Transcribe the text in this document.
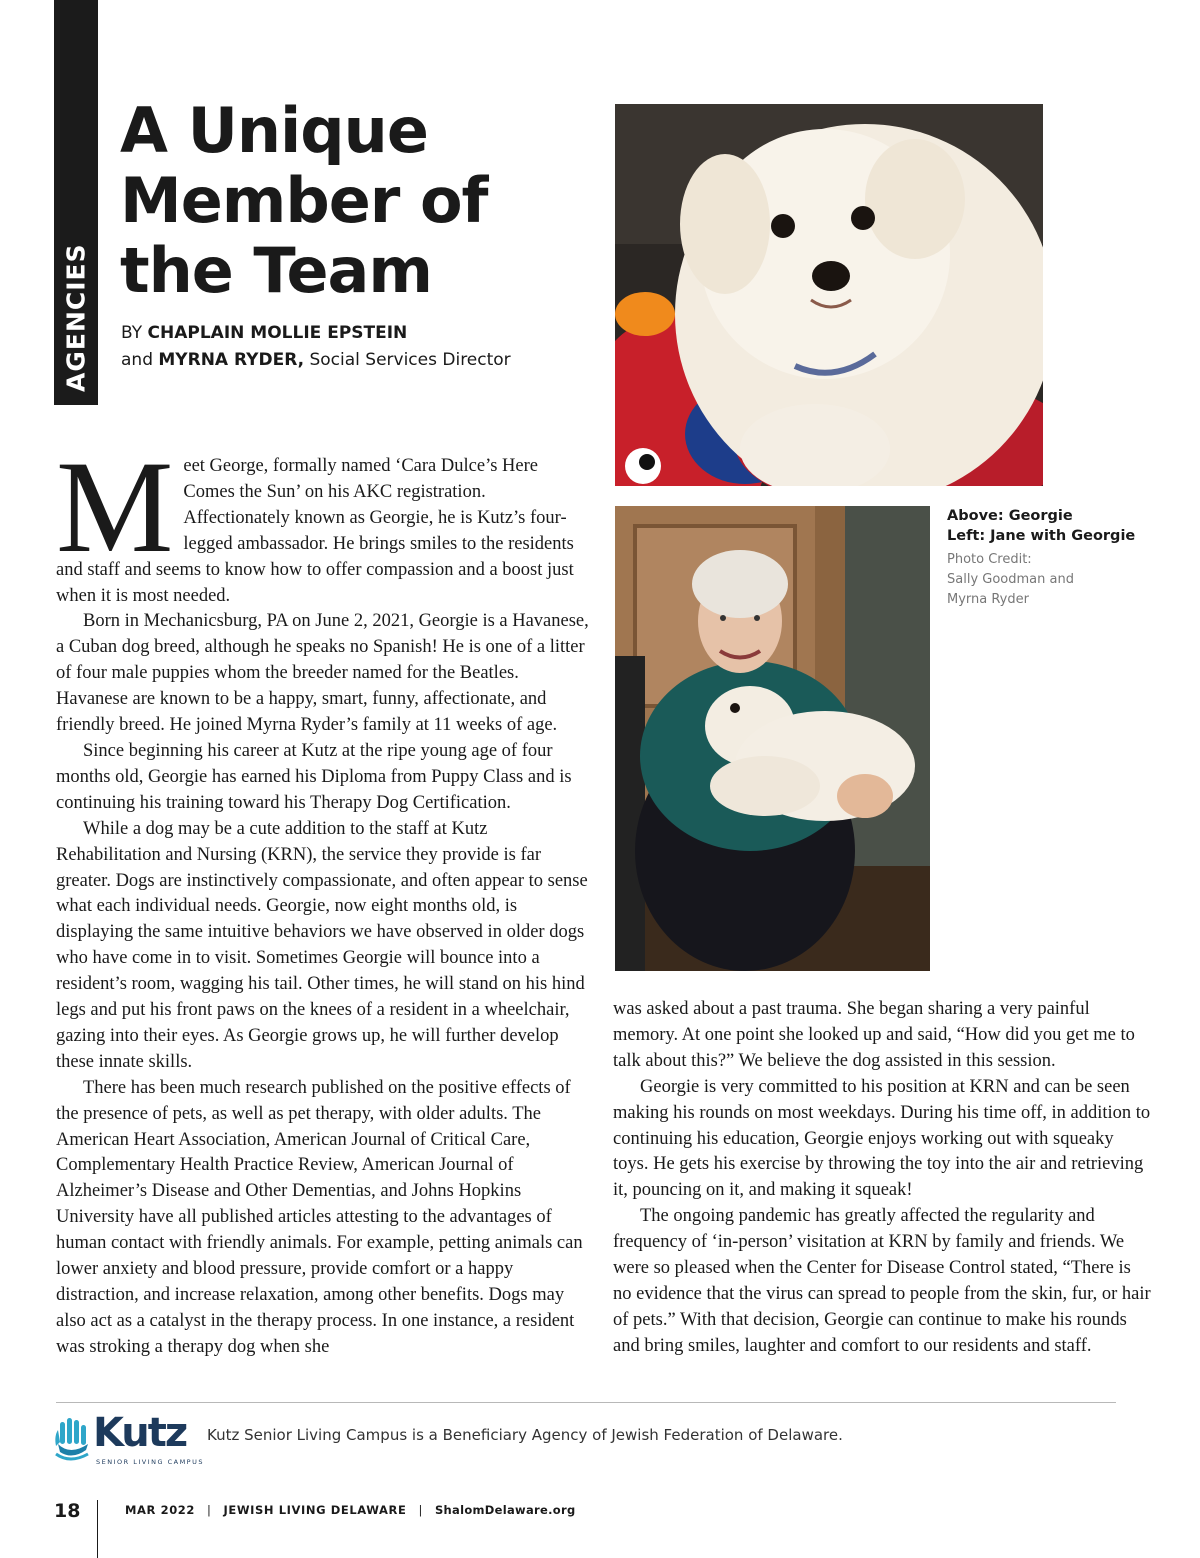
AGENCIES
A Unique
Member of
the Team
BY CHAPLAIN MOLLIE EPSTEIN
and MYRNA RYDER, Social Services Director

Meet George, formally named ‘Cara Dulce’s Here Comes the Sun’ on his AKC registration. Affectionately known as Georgie, he is Kutz’s four-legged ambassador. He brings smiles to the residents and staff and seems to know how to offer compassion and a boost just when it is most needed.

Born in Mechanicsburg, PA on June 2, 2021, Georgie is a Havanese, a Cuban dog breed, although he speaks no Spanish! He is one of a litter of four male puppies whom the breeder named for the Beatles. Havanese are known to be a happy, smart, funny, affectionate, and friendly breed. He joined Myrna Ryder’s family at 11 weeks of age.

Since beginning his career at Kutz at the ripe young age of four months old, Georgie has earned his Diploma from Puppy Class and is continuing his training toward his Therapy Dog Certification.

While a dog may be a cute addition to the staff at Kutz Rehabilitation and Nursing (KRN), the service they provide is far greater. Dogs are instinctively compassionate, and often appear to sense what each individual needs. Georgie, now eight months old, is displaying the same intuitive behaviors we have observed in older dogs who have come in to visit. Sometimes Georgie will bounce into a resident’s room, wagging his tail. Other times, he will stand on his hind legs and put his front paws on the knees of a resident in a wheelchair, gazing into their eyes. As Georgie grows up, he will further develop these innate skills.

There has been much research published on the positive effects of the presence of pets, as well as pet therapy, with older adults. The American Heart Association, American Journal of Critical Care, Complementary Health Practice Review, American Journal of Alzheimer’s Disease and Other Dementias, and Johns Hopkins University have all published articles attesting to the advantages of human contact with friendly animals. For example, petting animals can lower anxiety and blood pressure, provide comfort or a happy distraction, and increase relaxation, among other benefits. Dogs may also act as a catalyst in the therapy process. In one instance, a resident was stroking a therapy dog when she

was asked about a past trauma. She began sharing a very painful memory. At one point she looked up and said, “How did you get me to talk about this?” We believe the dog assisted in this session.

Georgie is very committed to his position at KRN and can be seen making his rounds on most weekdays. During his time off, in addition to continuing his education, Georgie enjoys working out with squeaky toys. He gets his exercise by throwing the toy into the air and retrieving it, pouncing on it, and making it squeak!

The ongoing pandemic has greatly affected the regularity and frequency of ‘in-person’ visitation at KRN by family and friends. We were so pleased when the Center for Disease Control stated, “There is no evidence that the virus can spread to people from the skin, fur, or hair of pets.” With that decision, Georgie can continue to make his rounds and bring smiles, laughter and comfort to our residents and staff.

Above: Georgie
Left: Jane with Georgie
Photo Credit:
Sally Goodman and
Myrna Ryder
Kutz
SENIOR LIVING CAMPUS
Kutz Senior Living Campus is a Beneficiary Agency of Jewish Federation of Delaware.
18	MAR 2022 | JEWISH LIVING DELAWARE | ShalomDelaware.org
